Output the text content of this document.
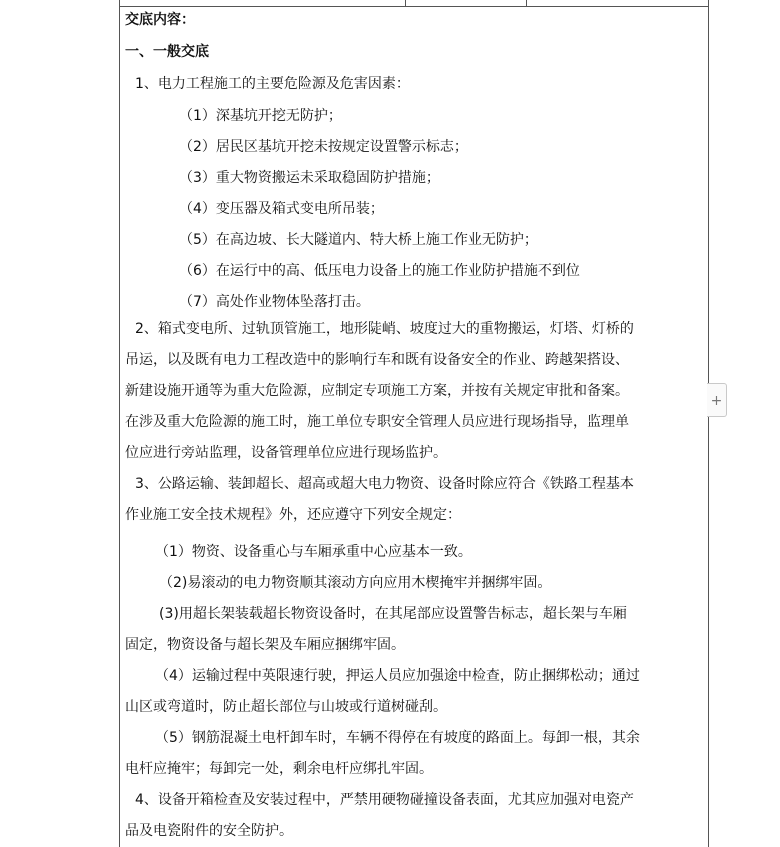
交底内容：
一、一般交底
1、电力工程施工的主要危险源及危害因素：
（1）深基坑开挖无防护；
（2）居民区基坑开挖未按规定设置警示标志；
（3）重大物资搬运未采取稳固防护措施；
（4）变压器及箱式变电所吊装；
（5）在高边坡、长大隧道内、特大桥上施工作业无防护；
（6）在运行中的高、低压电力设备上的施工作业防护措施不到位
（7）高处作业物体坠落打击。
2、箱式变电所、过轨顶管施工，地形陡峭、坡度过大的重物搬运，灯塔、灯桥的
吊运，以及既有电力工程改造中的影响行车和既有设备安全的作业、跨越架搭设、
新建设施开通等为重大危险源，应制定专项施工方案，并按有关规定审批和备案。
在涉及重大危险源的施工时，施工单位专职安全管理人员应进行现场指导，监理单
位应进行旁站监理，设备管理单位应进行现场监护。
3、公路运输、装卸超长、超高或超大电力物资、设备时除应符合《铁路工程基本
作业施工安全技术规程》外，还应遵守下列安全规定：
（1）物资、设备重心与车厢承重中心应基本一致。
（2)易滚动的电力物资顺其滚动方向应用木楔掩牢并捆绑牢固。
(3)用超长架装载超长物资设备时，在其尾部应设置警告标志，超长架与车厢
固定，物资设备与超长架及车厢应捆绑牢固。
（4）运输过程中英限速行驶，押运人员应加强途中检查，防止捆绑松动；通过
山区或弯道时，防止超长部位与山坡或行道树碰刮。
（5）钢筋混凝土电杆卸车时，车辆不得停在有坡度的路面上。每卸一根，其余
电杆应掩牢；每卸完一处，剩余电杆应绑扎牢固。
4、设备开箱检查及安装过程中，严禁用硬物碰撞设备表面，尤其应加强对电瓷产
品及电瓷附件的安全防护。
+
